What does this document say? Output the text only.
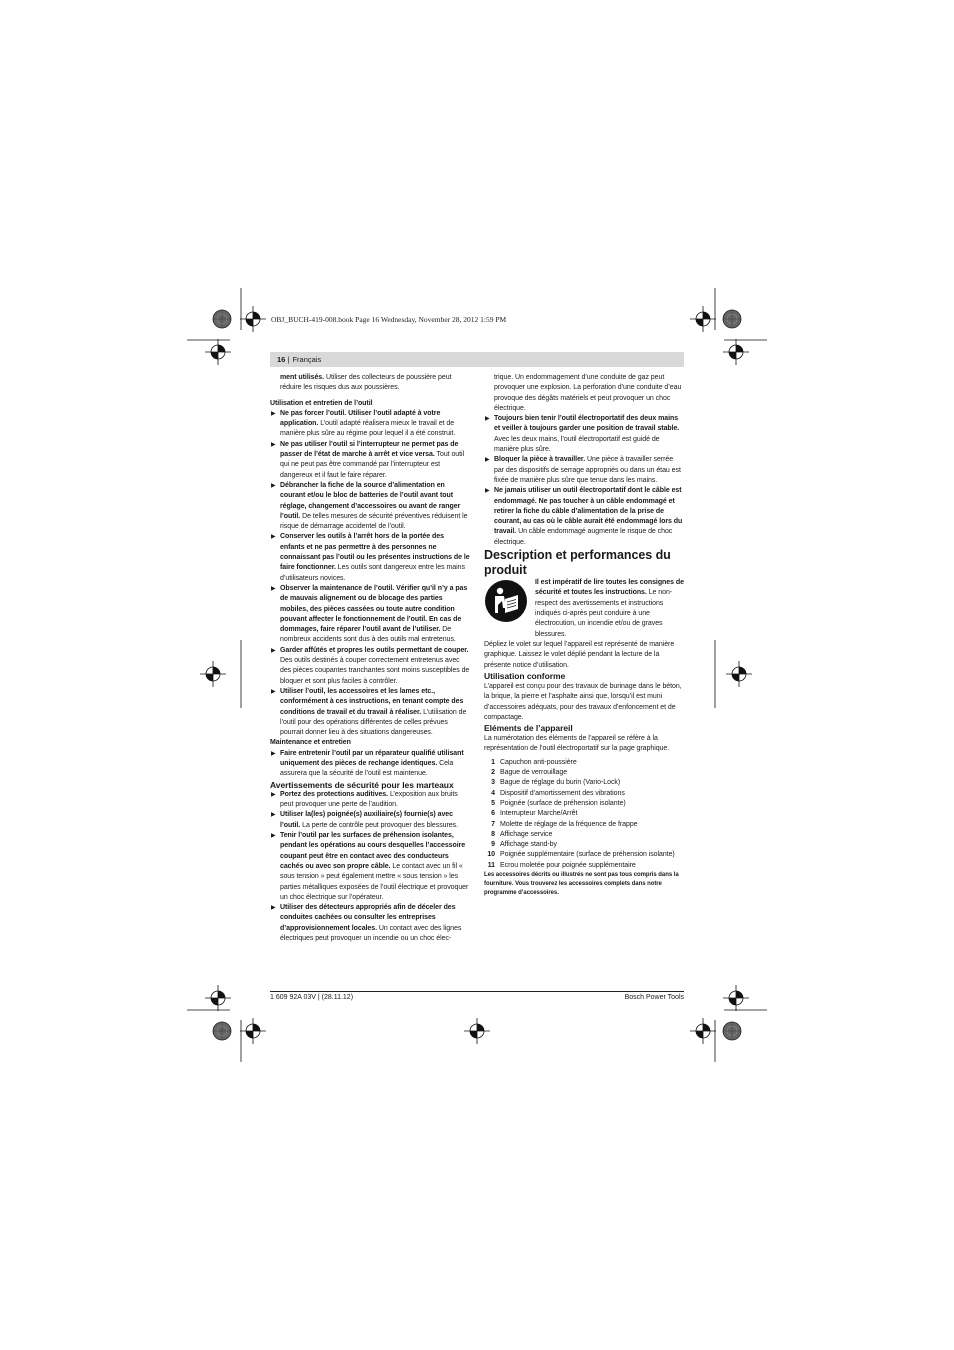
OBJ_BUCH-419-008.book Page 16 Wednesday, November 28, 2012 1:59 PM
16 | Français

ment utilisés. Utiliser des collecteurs de poussière peut réduire les risques dus aux poussières.

Utilisation et entretien de l’outil

▶ Ne pas forcer l’outil. Utiliser l’outil adapté à votre application. L’outil adapté réalisera mieux le travail et de manière plus sûre au régime pour lequel il a été construit.

▶ Ne pas utiliser l’outil si l’interrupteur ne permet pas de passer de l’état de marche à arrêt et vice versa. Tout outil qui ne peut pas être commandé par l’interrupteur est dangereux et il faut le faire réparer.

▶ Débrancher la fiche de la source d’alimentation en courant et/ou le bloc de batteries de l’outil avant tout réglage, changement d’accessoires ou avant de ranger l’outil. De telles mesures de sécurité préventives réduisent le risque de démarrage accidentel de l’outil.

▶ Conserver les outils à l’arrêt hors de la portée des enfants et ne pas permettre à des personnes ne connaissant pas l’outil ou les présentes instructions de le faire fonctionner. Les outils sont dangereux entre les mains d’utilisateurs novices.

▶ Observer la maintenance de l’outil. Vérifier qu’il n’y a pas de mauvais alignement ou de blocage des parties mobiles, des pièces cassées ou toute autre condition pouvant affecter le fonctionnement de l’outil. En cas de dommages, faire réparer l’outil avant de l’utiliser. De nombreux accidents sont dus à des outils mal entretenus.

▶ Garder affûtés et propres les outils permettant de couper. Des outils destinés à couper correctement entretenus avec des pièces coupantes tranchantes sont moins susceptibles de bloquer et sont plus faciles à contrôler.

▶ Utiliser l’outil, les accessoires et les lames etc., conformément à ces instructions, en tenant compte des conditions de travail et du travail à réaliser. L’utilisation de l’outil pour des opérations différentes de celles prévues pourrait donner lieu à des situations dangereuses.

Maintenance et entretien

▶ Faire entretenir l’outil par un réparateur qualifié utilisant uniquement des pièces de rechange identiques. Cela assurera que la sécurité de l’outil est maintenue.

Avertissements de sécurité pour les marteaux

▶ Portez des protections auditives. L’exposition aux bruits peut provoquer une perte de l’audition.

▶ Utiliser la(les) poignée(s) auxiliaire(s) fournie(s) avec l’outil. La perte de contrôle peut provoquer des blessures.

▶ Tenir l’outil par les surfaces de préhension isolantes, pendant les opérations au cours desquelles l’accessoire coupant peut être en contact avec des conducteurs cachés ou avec son propre câble. Le contact avec un fil « sous tension » peut également mettre « sous tension » les parties métalliques exposées de l’outil électrique et provoquer un choc électrique sur l’opérateur.

▶ Utiliser des détecteurs appropriés afin de déceler des conduites cachées ou consulter les entreprises d’approvisionnement locales. Un contact avec des lignes électriques peut provoquer un incendie ou un choc élec-

trique. Un endommagement d’une conduite de gaz peut provoquer une explosion. La perforation d’une conduite d’eau provoque des dégâts matériels et peut provoquer un choc électrique.

▶ Toujours bien tenir l’outil électroportatif des deux mains et veiller à toujours garder une position de travail stable. Avec les deux mains, l’outil électroportatif est guidé de manière plus sûre.

▶ Bloquer la pièce à travailler. Une pièce à travailler serrée par des dispositifs de serrage appropriés ou dans un étau est fixée de manière plus sûre que tenue dans les mains.

▶ Ne jamais utiliser un outil électroportatif dont le câble est endommagé. Ne pas toucher à un câble endommagé et retirer la fiche du câble d’alimentation de la prise de courant, au cas où le câble aurait été endommagé lors du travail. Un câble endommagé augmente le risque de choc électrique.

Description et performances du produit

Il est impératif de lire toutes les consignes de sécurité et toutes les instructions. Le non-respect des avertissements et instructions indiqués ci-après peut conduire à une électrocution, un incendie et/ou de graves blessures.

Dépliez le volet sur lequel l’appareil est représenté de manière graphique. Laissez le volet déplié pendant la lecture de la présente notice d’utilisation.

Utilisation conforme

L’appareil est conçu pour des travaux de burinage dans le béton, la brique, la pierre et l’asphalte ainsi que, lorsqu’il est muni d’accessoires adéquats, pour des travaux d’enfoncement et de compactage.

Eléments de l’appareil

La numérotation des éléments de l’appareil se réfère à la représentation de l’outil électroportatif sur la page graphique.

1 Capuchon anti-poussière
2 Bague de verrouillage
3 Bague de réglage du burin (Vario-Lock)
4 Dispositif d’amortissement des vibrations
5 Poignée (surface de préhension isolante)
6 Interrupteur Marche/Arrêt
7 Molette de réglage de la fréquence de frappe
8 Affichage service
9 Affichage stand-by
10 Poignée supplémentaire (surface de préhension isolante)
11 Ecrou moletée pour poignée supplémentaire

Les accessoires décrits ou illustrés ne sont pas tous compris dans la fourniture. Vous trouverez les accessoires complets dans notre programme d’accessoires.

1 609 92A 03V | (28.11.12)	Bosch Power Tools
